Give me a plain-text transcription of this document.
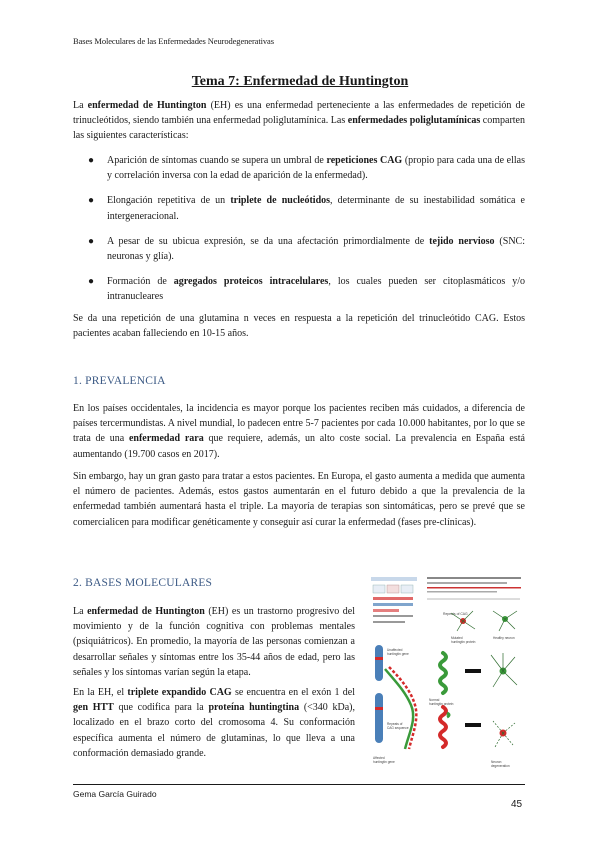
Bases Moleculares de las Enfermedades Neurodegenerativas
Tema 7: Enfermedad de Huntington

La enfermedad de Huntington (EH) es una enfermedad perteneciente a las enfermedades de repetición de trinucleótidos, siendo también una enfermedad poliglutamínica. Las enfermedades poliglutamínicas comparten las siguientes características:

● Aparición de síntomas cuando se supera un umbral de repeticiones CAG (propio para cada una de ellas y correlación inversa con la edad de aparición de la enfermedad).
● Elongación repetitiva de un triplete de nucleótidos, determinante de su inestabilidad somática e intergeneracional.
● A pesar de su ubicua expresión, se da una afectación primordialmente de tejido nervioso (SNC: neuronas y glía).
● Formación de agregados proteicos intracelulares, los cuales pueden ser citoplasmáticos y/o intranucleares

Se da una repetición de una glutamina n veces en respuesta a la repetición del trinucleótido CAG. Estos pacientes acaban falleciendo en 10-15 años.

1. PREVALENCIA

En los países occidentales, la incidencia es mayor porque los pacientes reciben más cuidados, a diferencia de países tercermundistas. A nivel mundial, lo padecen entre 5-7 pacientes por cada 10.000 habitantes, por lo que se trata de una enfermedad rara que requiere, además, un alto coste social. La prevalencia en España está aumentando (19.700 casos en 2017).

Sin embargo, hay un gran gasto para tratar a estos pacientes. En Europa, el gasto aumenta a medida que aumenta el número de pacientes. Además, estos gastos aumentarán en el futuro debido a que la prevalencia de la enfermedad también aumentará hasta el triple. La mayoría de terapias son sintomáticas, pero se prevé que se comercialicen para modificar genéticamente y conseguir así curar la enfermedad (fases pre-clínicas).

2. BASES MOLECULARES

La enfermedad de Huntington (EH) es un trastorno progresivo del movimiento y de la función cognitiva con problemas mentales (psiquiátricos). En promedio, la mayoría de las personas comienzan a desarrollar señales y síntomas entre los 35-44 años de edad, pero las señales y los síntomas varían según la etapa.

En la EH, el triplete expandido CAG se encuentra en el exón 1 del gen HTT que codifica para la proteína huntingtina (<340 kDa), localizado en el brazo corto del cromosoma 4. Su conformación específica aumenta el número de glutaminas, lo que lleva a una conformación demasiado grande.

Repeats of CAG
Mutated huntingtin protein
Healthy neuron
Unaffected huntingtin gene
Repeats of CAG sequence
Affected huntingtin gene
Normal huntingtin protein
Neuron degeneration
Gema García Guirado
45
